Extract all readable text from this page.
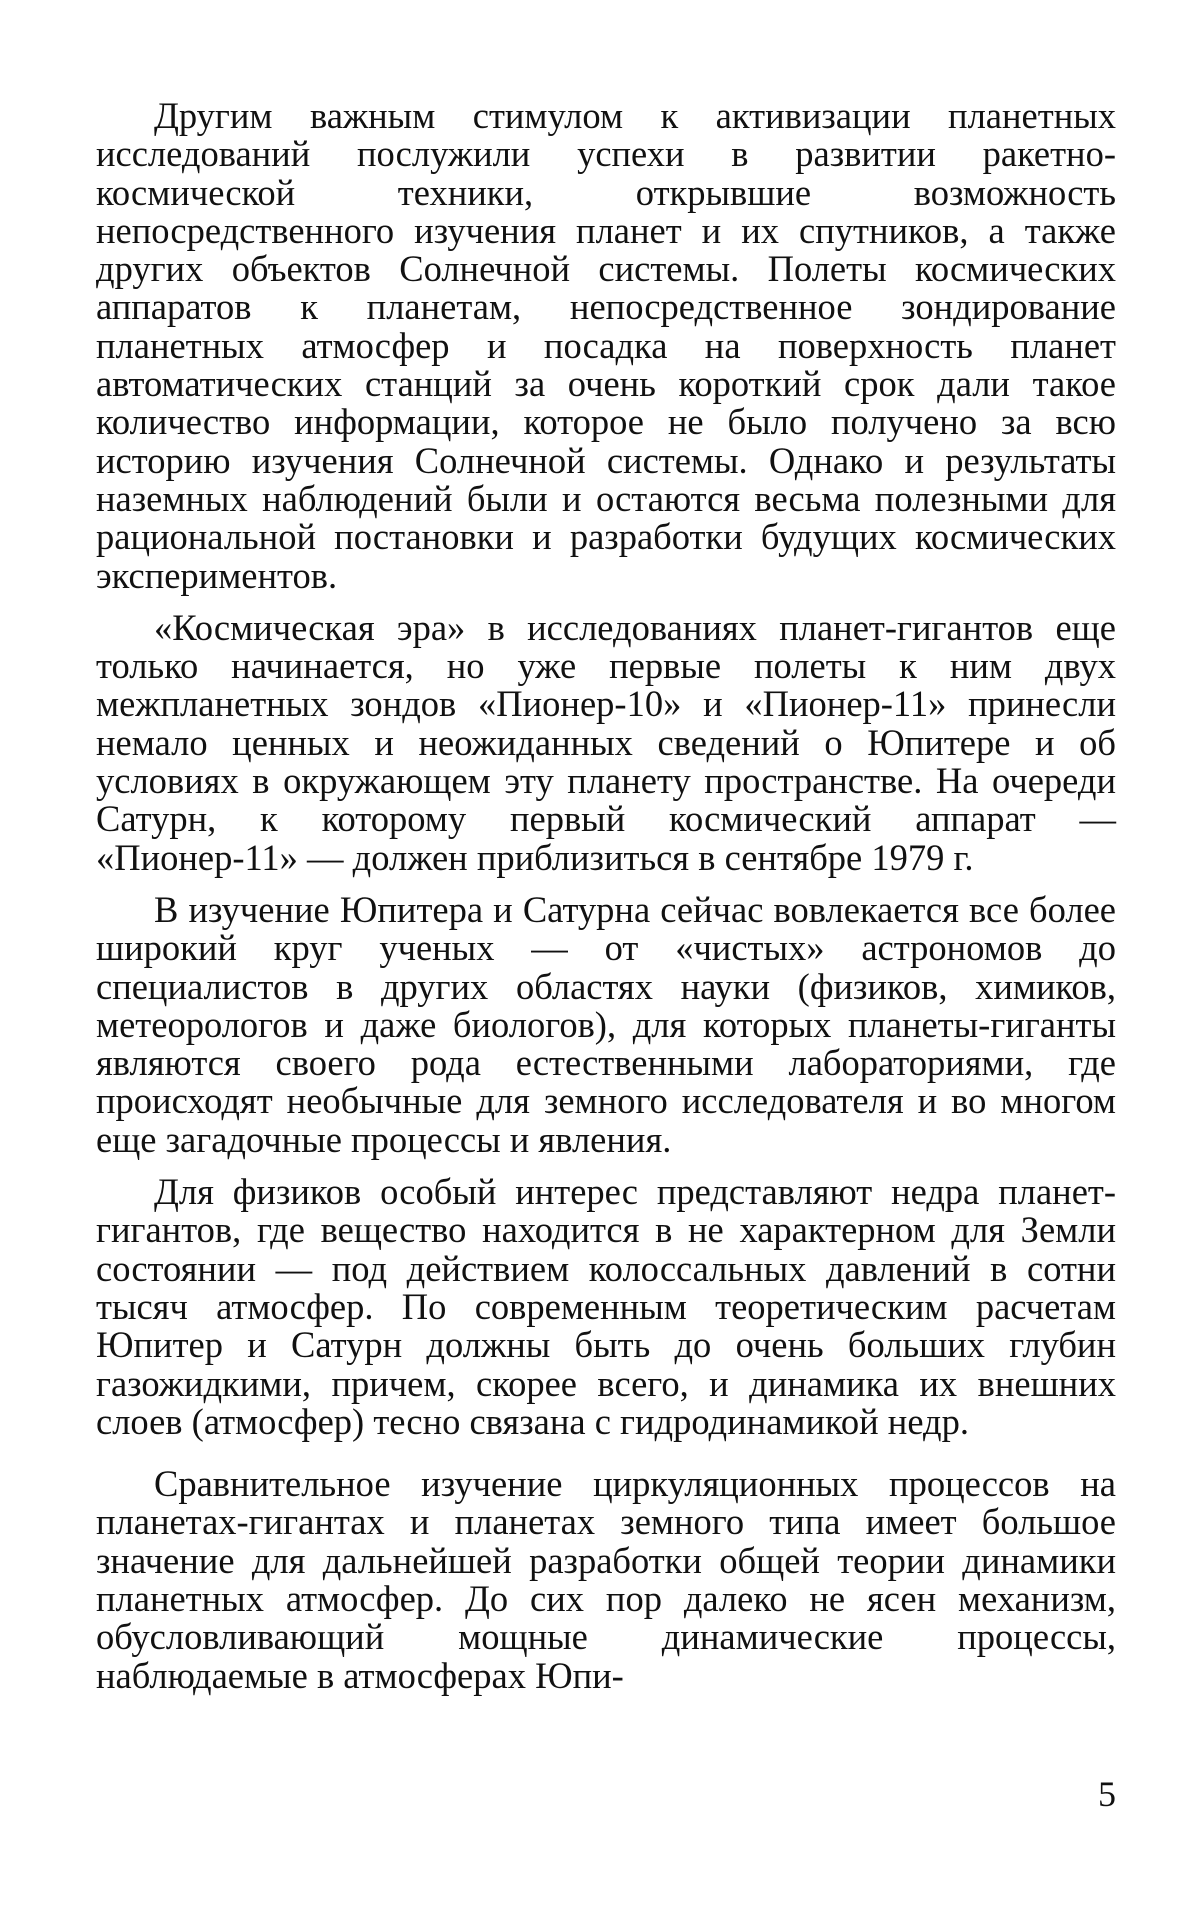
Другим важным стимулом к активизации планетных исследований послужили успехи в развитии ракетно-космической техники, открывшие возможность непосредственного изучения планет и их спутников, а также других объектов Солнечной системы. Полеты космических аппаратов к планетам, непосредственное зондирование планетных атмосфер и посадка на поверхность планет автоматических станций за очень короткий срок дали такое количество информации, которое не было получено за всю историю изучения Солнечной системы. Однако и результаты наземных наблюдений были и остаются весьма полезными для рациональной постановки и разработки будущих космических экспериментов.

«Космическая эра» в исследованиях планет-гигантов еще только начинается, но уже первые полеты к ним двух межпланетных зондов «Пионер-10» и «Пионер-11» принесли немало ценных и неожиданных сведений о Юпитере и об условиях в окружающем эту планету пространстве. На очереди Сатурн, к которому первый космический аппарат — «Пионер-11» — должен приблизиться в сентябре 1979 г.

В изучение Юпитера и Сатурна сейчас вовлекается все более широкий круг ученых — от «чистых» астрономов до специалистов в других областях науки (физиков, химиков, метеорологов и даже биологов), для которых планеты-гиганты являются своего рода естественными лабораториями, где происходят необычные для земного исследователя и во многом еще загадочные процессы и явления.

Для физиков особый интерес представляют недра планет-гигантов, где вещество находится в не характерном для Земли состоянии — под действием колоссальных давлений в сотни тысяч атмосфер. По современным теоретическим расчетам Юпитер и Сатурн должны быть до очень больших глубин газожидкими, причем, скорее всего, и динамика их внешних слоев (атмосфер) тесно связана с гидродинамикой недр.

Сравнительное изучение циркуляционных процессов на планетах-гигантах и планетах земного типа имеет большое значение для дальнейшей разработки общей теории динамики планетных атмосфер. До сих пор далеко не ясен механизм, обусловливающий мощные динамические процессы, наблюдаемые в атмосферах Юпи-

5
